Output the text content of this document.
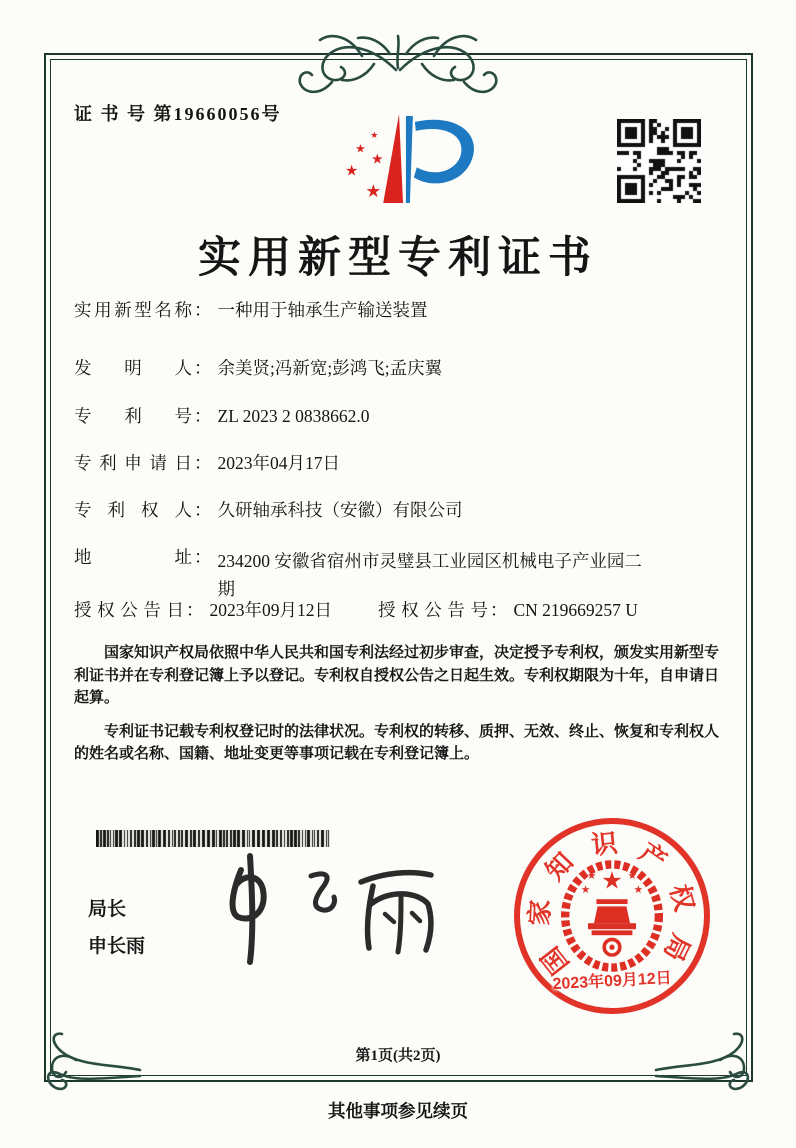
证 书 号 第19660056号
★
★
★
★
★
实用新型专利证书
实用新型名称 ： 一种用于轴承生产输送装置
发明人 ： 余美贤;冯新宽;彭鸿飞;孟庆翼
专利号 ： ZL 2023 2 0838662.0
专利申请日 ： 2023年04月17日
专利权人 ： 久研轴承科技（安徽）有限公司
地址 ： 234200 安徽省宿州市灵璧县工业园区机械电子产业园二期
授权公告日 ： 2023年09月12日	授权公告号 ： CN 219669257 U

国家知识产权局依照中华人民共和国专利法经过初步审查，决定授予专利权，颁发实用新型专利证书并在专利登记簿上予以登记。专利权自授权公告之日起生效。专利权期限为十年，自申请日起算。

专利证书记载专利权登记时的法律状况。专利权的转移、质押、无效、终止、恢复和专利权人的姓名或名称、国籍、地址变更等事项记载在专利登记簿上。

局长
申长雨	国
家
知
识 产
权
局
★
★	★
★	★
2023年09月12日
第1页(共2页)
其他事项参见续页
